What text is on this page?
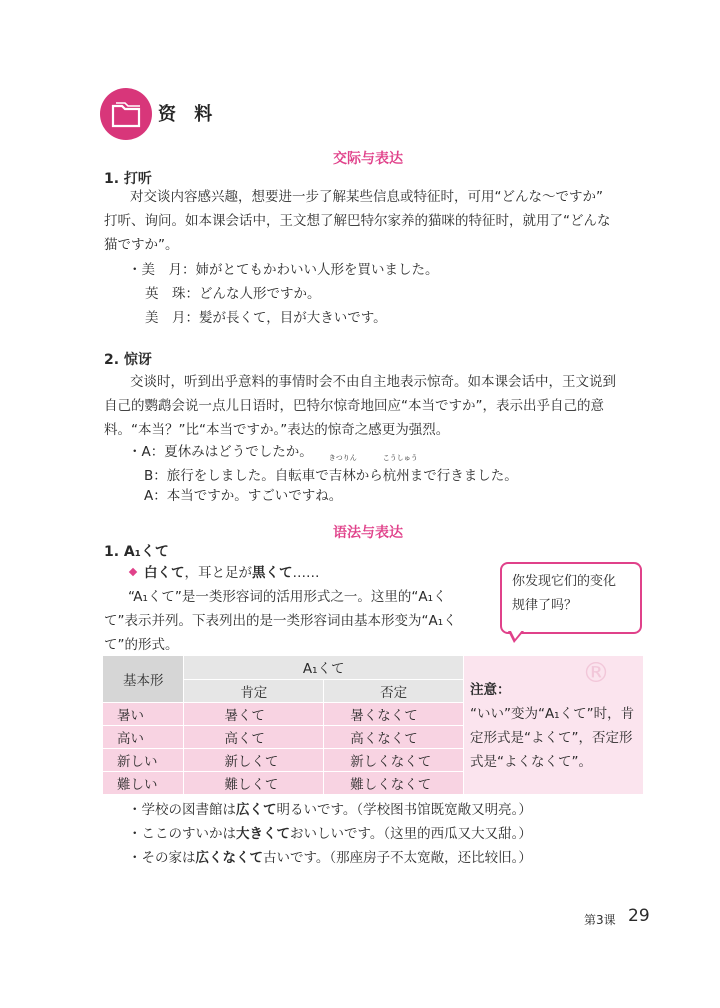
资 料
交际与表达
1. 打听
对交谈内容感兴趣，想要进一步了解某些信息或特征时，可用“どんな～ですか”
打听、询问。如本课会话中，王文想了解巴特尔家养的猫咪的特征时，就用了“どんな
猫ですか”。
・美　月：姉がとてもかわいい人形を買いました。
英　珠：どんな人形ですか。
美　月：髪が長くて，目が大きいです。
2. 惊讶
交谈时，听到出乎意料的事情时会不由自主地表示惊奇。如本课会话中，王文说到
自己的鹦鹉会说一点儿日语时，巴特尔惊奇地回应“本当ですか”，表示出乎自己的意
料。“本当？”比“本当ですか。”表达的惊奇之感更为强烈。
・A：夏休みはどうでしたか。
B：旅行をしました。自転車で
きつりん
吉林から
こうしゅう
杭州まで行きました。
A：本当ですか。すごいですね。
语法与表达
1. A₁くて
白くて，耳と足が黒くて……
“A₁くて”是一类形容词的活用形式之一。这里的“A₁く
て”表示并列。下表列出的是一类形容词由基本形变为“A₁く
て”的形式。
你发现它们的变化
规律了吗？
基本形	A₁くて		注意：
“いい”变为“A₁くて”时，肯定形式是“よくて”，否定形式是“よくなくて”。

	肯定	否定	
暑い	暑くて	暑くなくて	
高い	高くて	高くなくて	
新しい	新しくて	新しくなくて	
難しい	難しくて	難しくなくて	
®
・学校の図書館は広くて明るいです。（学校图书馆既宽敞又明亮。）
・ここのすいかは大きくておいしいです。（这里的西瓜又大又甜。）
・その家は広くなくて古いです。（那座房子不太宽敞，还比较旧。）
第3课 29
